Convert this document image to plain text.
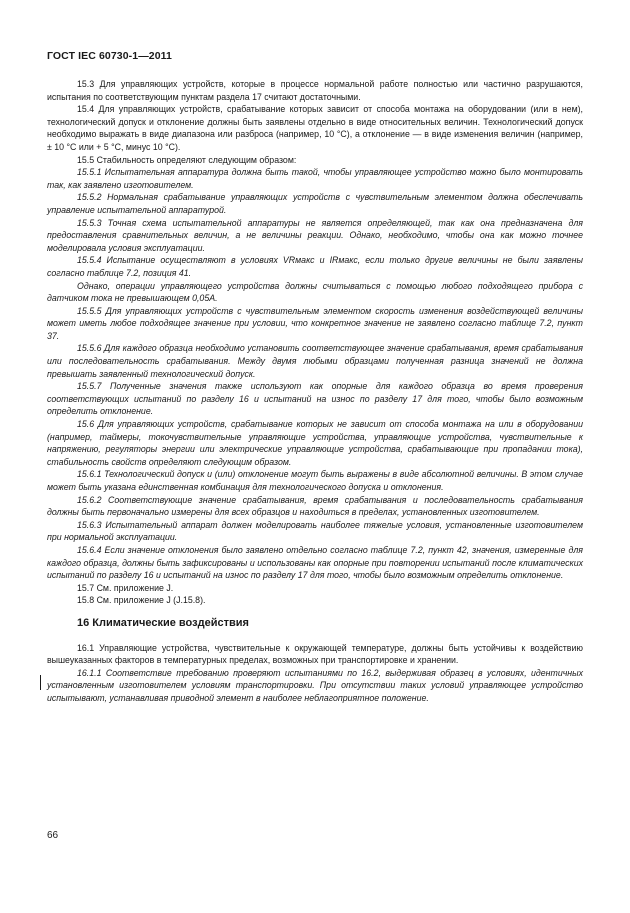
ГОСТ IEC 60730-1—2011

15.3 Для управляющих устройств, которые в процессе нормальной работе полностью или частично разрушаются, испытания по соответствующим пунктам раздела 17 считают достаточными.

15.4 Для управляющих устройств, срабатывание которых зависит от способа монтажа на оборудовании (или в нем), технологический допуск и отклонение должны быть заявлены отдельно в виде относительных величин. Технологический допуск необходимо выражать в виде диапазона или разброса (например, 10 °С), а отклонение — в виде изменения величин (например, ± 10 °С или + 5 °С, минус 10 °С).

15.5 Стабильность определяют следующим образом:

15.5.1 Испытательная аппаратура должна быть такой, чтобы управляющее устройство можно было монтировать так, как заявлено изготовителем.

15.5.2 Нормальная срабатывание управляющих устройств с чувствительным элементом должна обеспечивать управление испытательной аппаратурой.

15.5.3 Точная схема испытательной аппаратуры не является определяющей, так как она предназначена для предоставления сравнительных величин, а не величины реакции. Однако, необходимо, чтобы она как можно точнее моделировала условия эксплуатации.

15.5.4 Испытание осуществляют в условиях VRмакс и IRмакс, если только другие величины не были заявлены согласно таблице 7.2, позиция 41.

Однако, операции управляющего устройства должны считываться с помощью любого подходящего прибора с датчиком тока не превышающем 0,05А.

15.5.5 Для управляющих устройств с чувствительным элементом скорость изменения воздействующей величины может иметь любое подходящее значение при условии, что конкретное значение не заявлено согласно таблице 7.2, пункт 37.

15.5.6 Для каждого образца необходимо установить соответствующее значение срабатывания, время срабатывания или последовательность срабатывания. Между двумя любыми образцами полученная разница значений не должна превышать заявленный технологический допуск.

15.5.7 Полученные значения также используют как опорные для каждого образца во время проверения соответствующих испытаний по разделу 16 и испытаний на износ по разделу 17 для того, чтобы было возможным определить отклонение.

15.6 Для управляющих устройств, срабатывание которых не зависит от способа монтажа на или в оборудовании (например, таймеры, токочувствительные управляющие устройства, управляющие устройства, чувствительные к напряжению, регуляторы энергии или электрические управляющие устройства, срабатывающие при пропадании тока), стабильность свойств определяют следующим образом.

15.6.1 Технологический допуск и (или) отклонение могут быть выражены в виде абсолютной величины. В этом случае может быть указана единственная комбинация для технологического допуска и отклонения.

15.6.2 Соответствующие значение срабатывания, время срабатывания и последовательность срабатывания должны быть первоначально измерены для всех образцов и находиться в пределах, установленных изготовителем.

15.6.3 Испытательный аппарат должен моделировать наиболее тяжелые условия, установленные изготовителем при нормальной эксплуатации.

15.6.4 Если значение отклонения было заявлено отдельно согласно таблице 7.2, пункт 42, значения, измеренные для каждого образца, должны быть зафиксированы и использованы как опорные при повторении испытаний после климатических испытаний по разделу 16 и испытаний на износ по разделу 17 для того, чтобы было возможным определить отклонение.

15.7 См. приложение J.

15.8 См. приложение J (J.15.8).

16 Климатические воздействия

16.1 Управляющие устройства, чувствительные к окружающей температуре, должны быть устойчивы к воздействию вышеуказанных факторов в температурных пределах, возможных при транспортировке и хранении.

16.1.1 Соответствие требованию проверяют испытаниями по 16.2, выдерживая образец в условиях, идентичных установленным изготовителем условиям транспортировки. При отсутствии таких условий управляющее устройство испытывают, устанавливая приводной элемент в наиболее неблагоприятное положение.

66
